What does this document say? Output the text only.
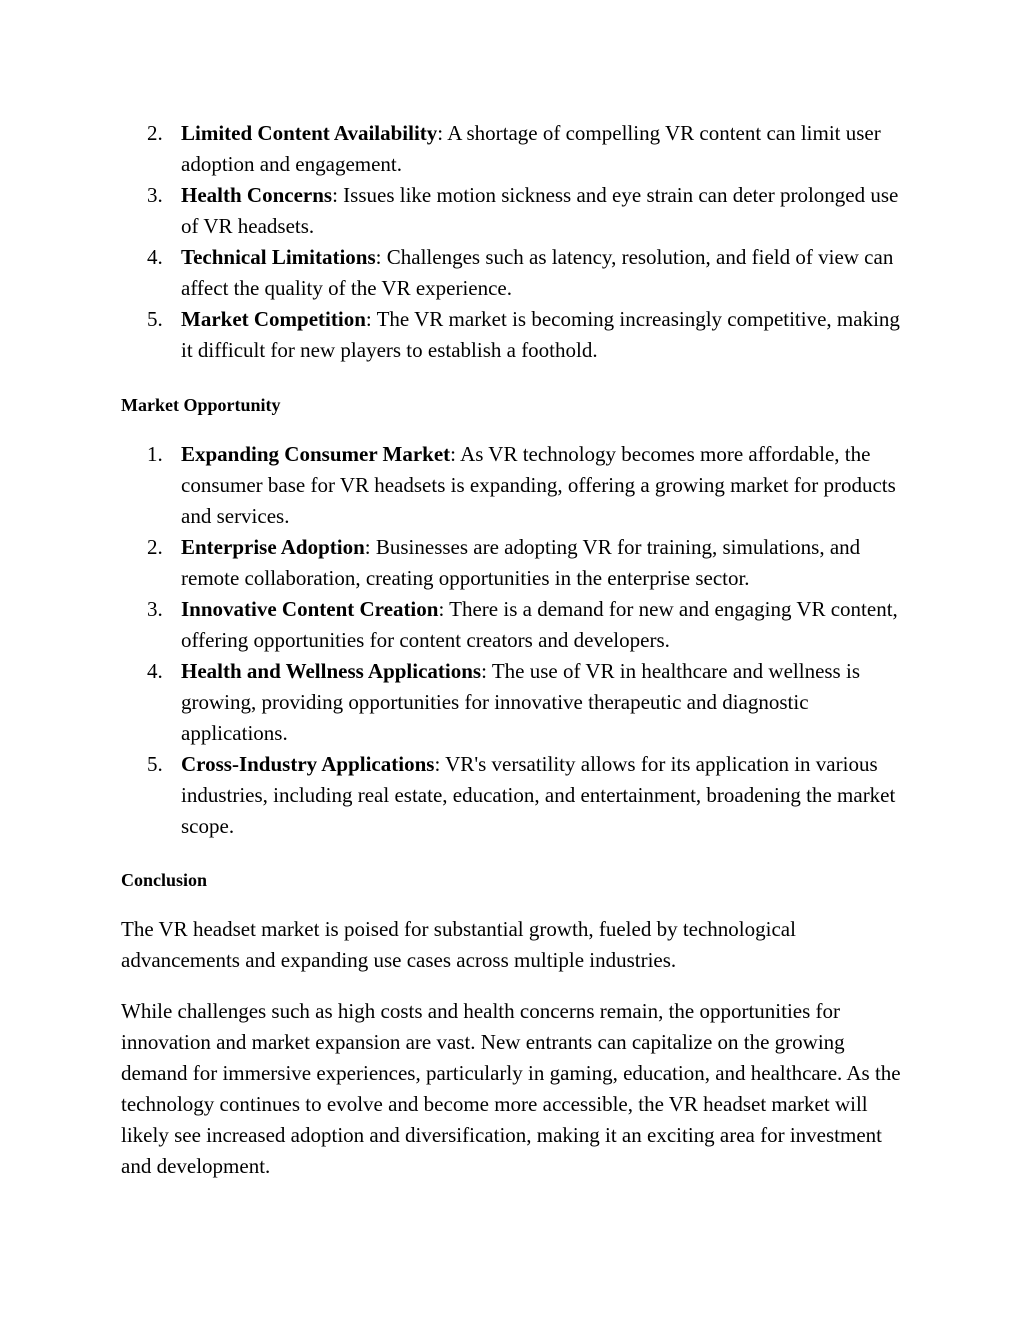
2. Limited Content Availability: A shortage of compelling VR content can limit user adoption and engagement.
3. Health Concerns: Issues like motion sickness and eye strain can deter prolonged use of VR headsets.
4. Technical Limitations: Challenges such as latency, resolution, and field of view can affect the quality of the VR experience.
5. Market Competition: The VR market is becoming increasingly competitive, making it difficult for new players to establish a foothold.
Market Opportunity
1. Expanding Consumer Market: As VR technology becomes more affordable, the consumer base for VR headsets is expanding, offering a growing market for products and services.
2. Enterprise Adoption: Businesses are adopting VR for training, simulations, and remote collaboration, creating opportunities in the enterprise sector.
3. Innovative Content Creation: There is a demand for new and engaging VR content, offering opportunities for content creators and developers.
4. Health and Wellness Applications: The use of VR in healthcare and wellness is growing, providing opportunities for innovative therapeutic and diagnostic applications.
5. Cross-Industry Applications: VR's versatility allows for its application in various industries, including real estate, education, and entertainment, broadening the market scope.
Conclusion

The VR headset market is poised for substantial growth, fueled by technological advancements and expanding use cases across multiple industries.

While challenges such as high costs and health concerns remain, the opportunities for innovation and market expansion are vast. New entrants can capitalize on the growing demand for immersive experiences, particularly in gaming, education, and healthcare. As the technology continues to evolve and become more accessible, the VR headset market will likely see increased adoption and diversification, making it an exciting area for investment and development.
